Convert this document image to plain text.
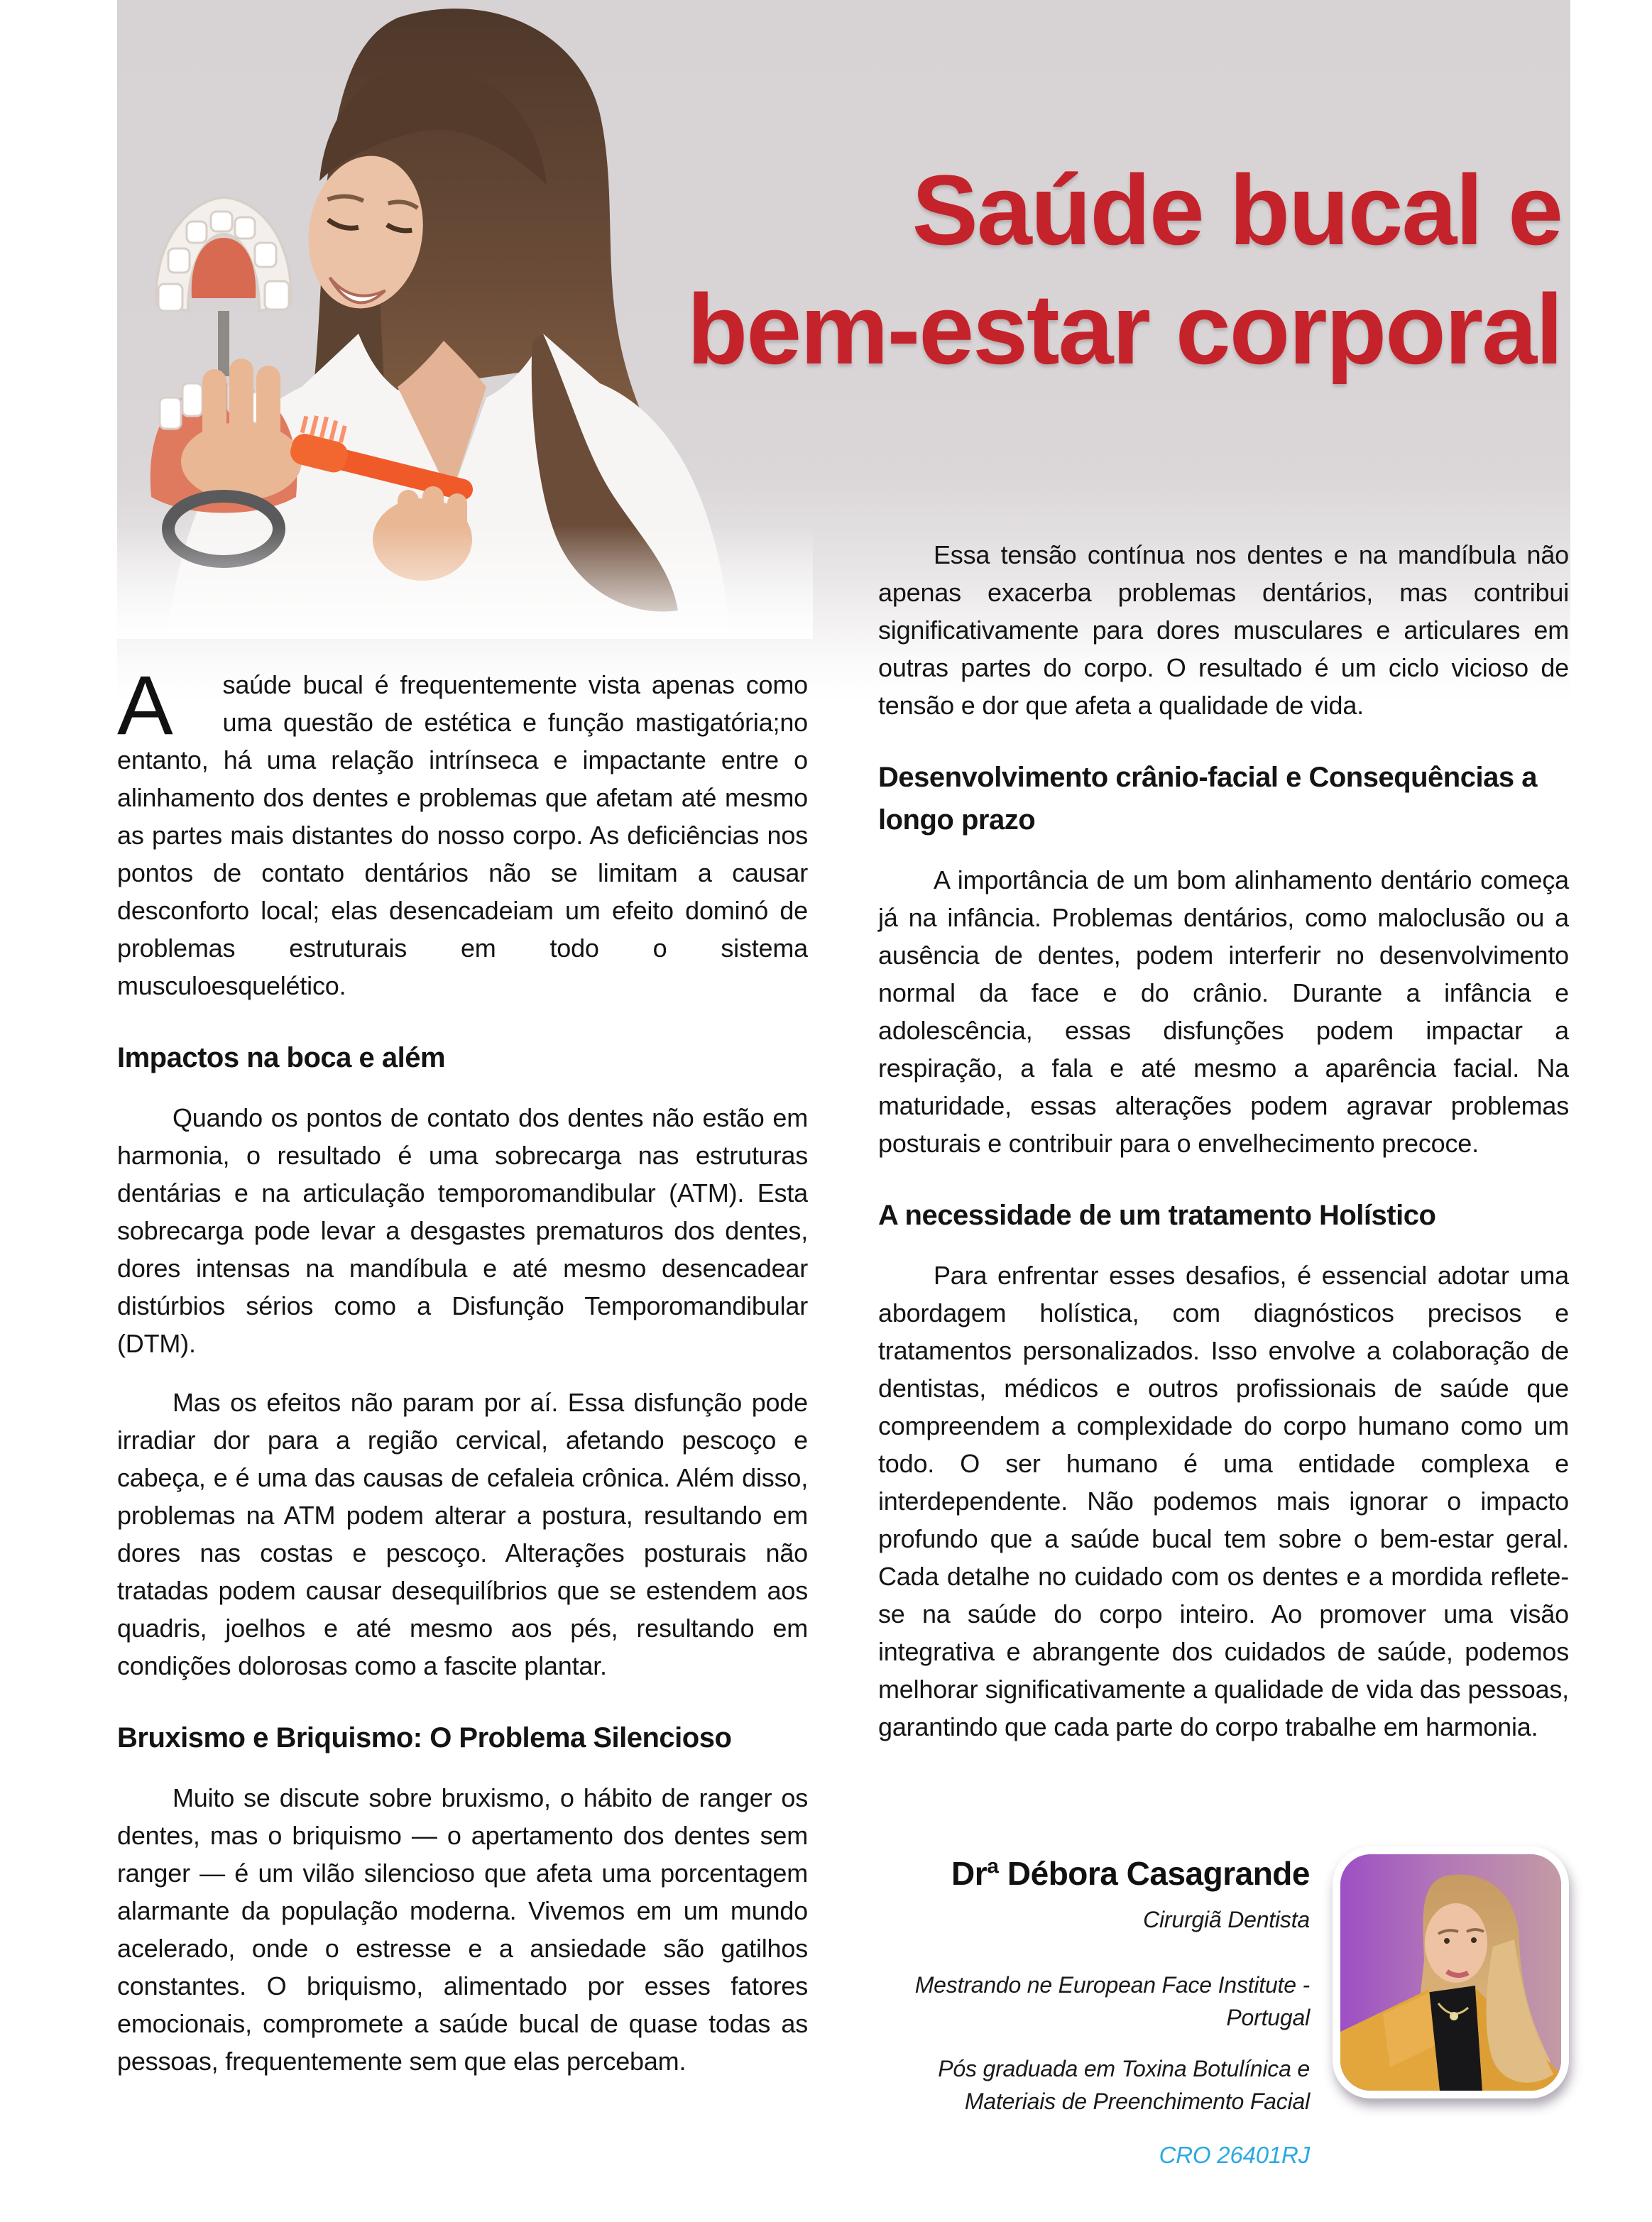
Saúde bucal e
bem-estar corporal

A	saúde bucal é frequentemente vista apenas como uma questão de estética e função mastigatória;no entanto, há uma relação intrínseca e impactante entre o alinhamento dos dentes e problemas que afetam até mesmo as partes mais distantes do nosso corpo. As deficiências nos pontos de contato dentários não se limitam a causar desconforto local; elas desencadeiam um efeito dominó de problemas estruturais em todo o sistema musculoesquelético.

Impactos na boca e além

Quando os pontos de contato dos dentes não estão em harmonia, o resultado é uma sobrecarga nas estruturas dentárias e na articulação temporomandibular (ATM). Esta sobrecarga pode levar a desgastes prematuros dos dentes, dores intensas na mandíbula e até mesmo desencadear distúrbios sérios como a Disfunção Temporomandibular (DTM).

Mas os efeitos não param por aí. Essa disfunção pode irradiar dor para a região cervical, afetando pescoço e cabeça, e é uma das causas de cefaleia crônica. Além disso, problemas na ATM podem alterar a postura, resultando em dores nas costas e pescoço. Alterações posturais não tratadas podem causar desequilíbrios que se estendem aos quadris, joelhos e até mesmo aos pés, resultando em condições dolorosas como a fascite plantar.

Bruxismo e Briquismo: O Problema Silencioso

Muito se discute sobre bruxismo, o hábito de ranger os dentes, mas o briquismo — o apertamento dos dentes sem ranger — é um vilão silencioso que afeta uma porcentagem alarmante da população moderna. Vivemos em um mundo acelerado, onde o estresse e a ansiedade são gatilhos constantes. O briquismo, alimentado por esses fatores emocionais, compromete a saúde bucal de quase todas as pessoas, frequentemente sem que elas percebam.

Essa tensão contínua nos dentes e na mandíbula não apenas exacerba problemas dentários, mas contribui significativamente para dores musculares e articulares em outras partes do corpo. O resultado é um ciclo vicioso de tensão e dor que afeta a qualidade de vida.

Desenvolvimento crânio-facial e Consequências a longo prazo

A importância de um bom alinhamento dentário começa já na infância. Problemas dentários, como maloclusão ou a ausência de dentes, podem interferir no desenvolvimento normal da face e do crânio. Durante a infância e adolescência, essas disfunções podem impactar a respiração, a fala e até mesmo a aparência facial. Na maturidade, essas alterações podem agravar problemas posturais e contribuir para o envelhecimento precoce.

A necessidade de um tratamento Holístico

Para enfrentar esses desafios, é essencial adotar uma abordagem holística, com diagnósticos precisos e tratamentos personalizados. Isso envolve a colaboração de dentistas, médicos e outros profissionais de saúde que compreendem a complexidade do corpo humano como um todo. O ser humano é uma entidade complexa e interdependente. Não podemos mais ignorar o impacto profundo que a saúde bucal tem sobre o bem-estar geral. Cada detalhe no cuidado com os dentes e a mordida reflete-se na saúde do corpo inteiro. Ao promover uma visão integrativa e abrangente dos cuidados de saúde, podemos melhorar significativamente a qualidade de vida das pessoas, garantindo que cada parte do corpo trabalhe em harmonia.

Drª Débora Casagrande
Cirurgiã Dentista
Mestrando ne European Face Institute - Portugal
Pós graduada em Toxina Botulínica e Materiais de Preenchimento Facial
CRO 26401RJ
